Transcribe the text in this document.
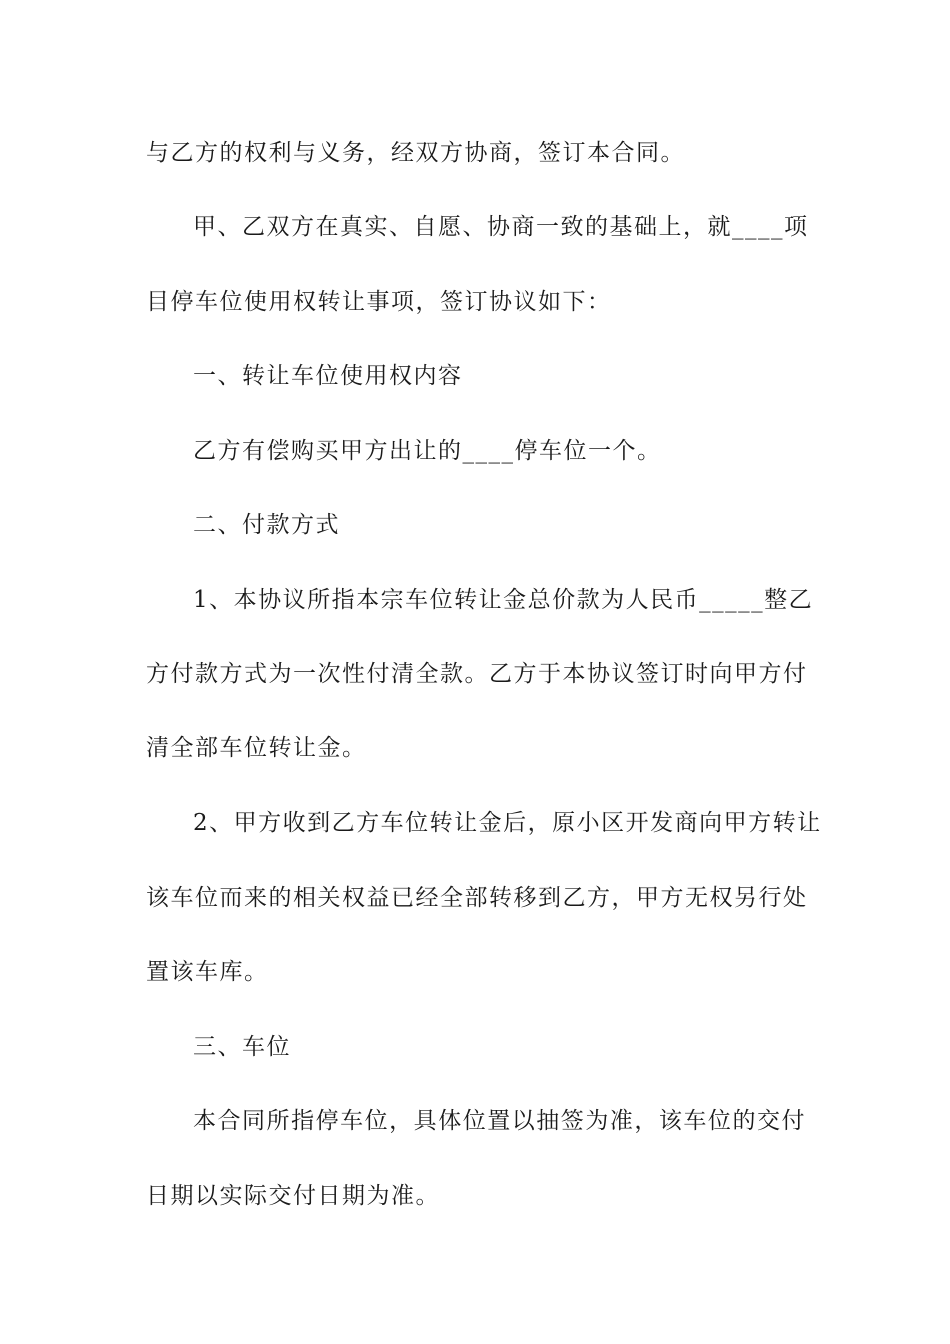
与乙方的权利与义务，经双方协商，签订本合同。
甲、乙双方在真实、自愿、协商一致的基础上，就____项
目停车位使用权转让事项，签订协议如下：
一、转让车位使用权内容
乙方有偿购买甲方出让的____停车位一个。
二、付款方式
1、本协议所指本宗车位转让金总价款为人民币_____整乙
方付款方式为一次性付清全款。乙方于本协议签订时向甲方付
清全部车位转让金。
2、甲方收到乙方车位转让金后，原小区开发商向甲方转让
该车位而来的相关权益已经全部转移到乙方，甲方无权另行处
置该车库。
三、车位
本合同所指停车位，具体位置以抽签为准，该车位的交付
日期以实际交付日期为准。
